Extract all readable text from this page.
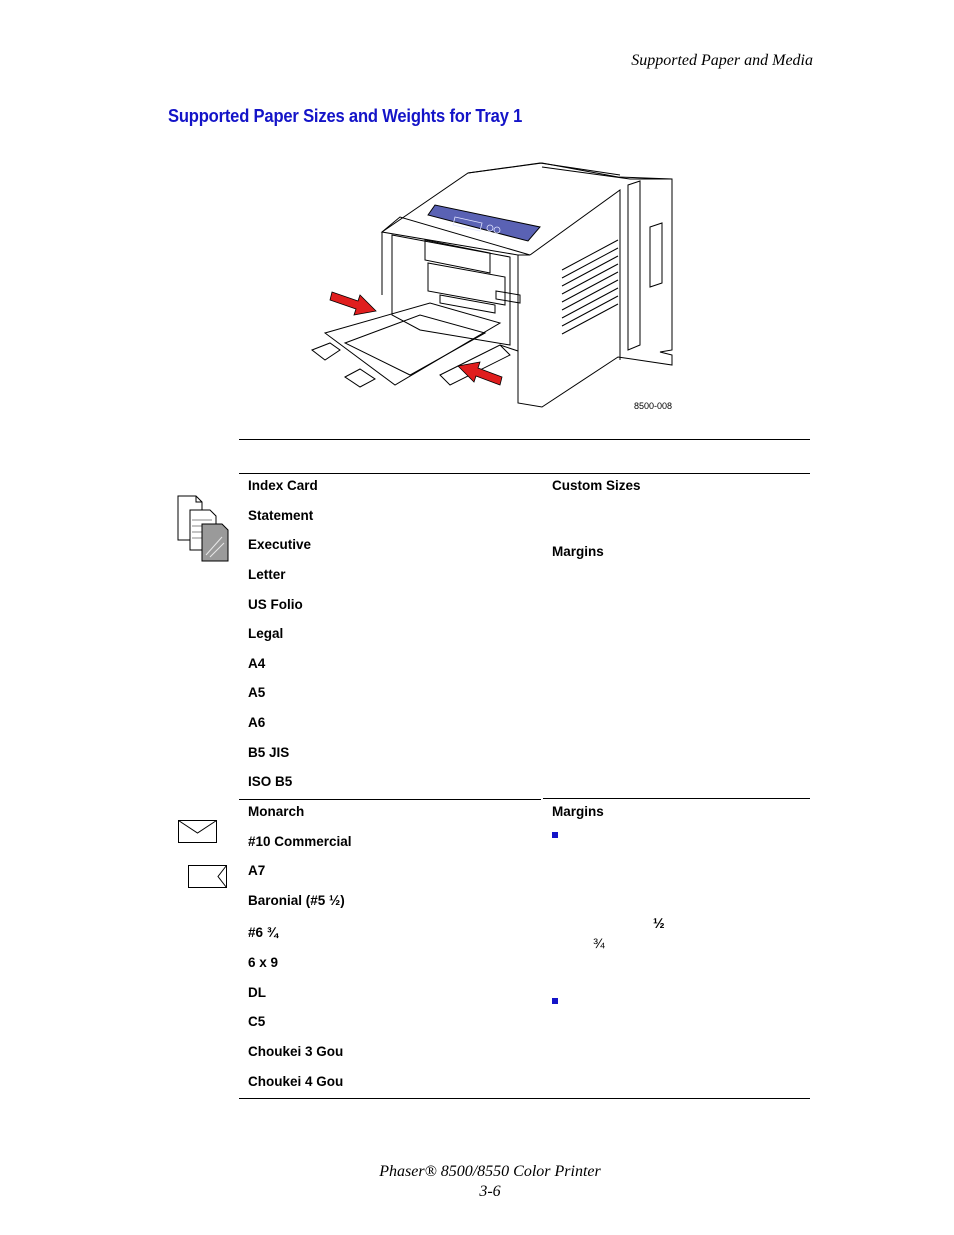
Supported Paper and Media
Supported Paper Sizes and Weights for Tray 1
8500-008
Index Card
Statement
Executive
Letter
US Folio
Legal
A4
A5
A6
B5 JIS
ISO B5
Custom Sizes
Margins
Monarch
#10 Commercial
A7
Baronial (#5 ½)
#6 ¾
6 x 9
DL
C5
Choukei 3 Gou
Choukei 4 Gou
Margins
½
¾
Phaser® 8500/8550 Color Printer
3-6
